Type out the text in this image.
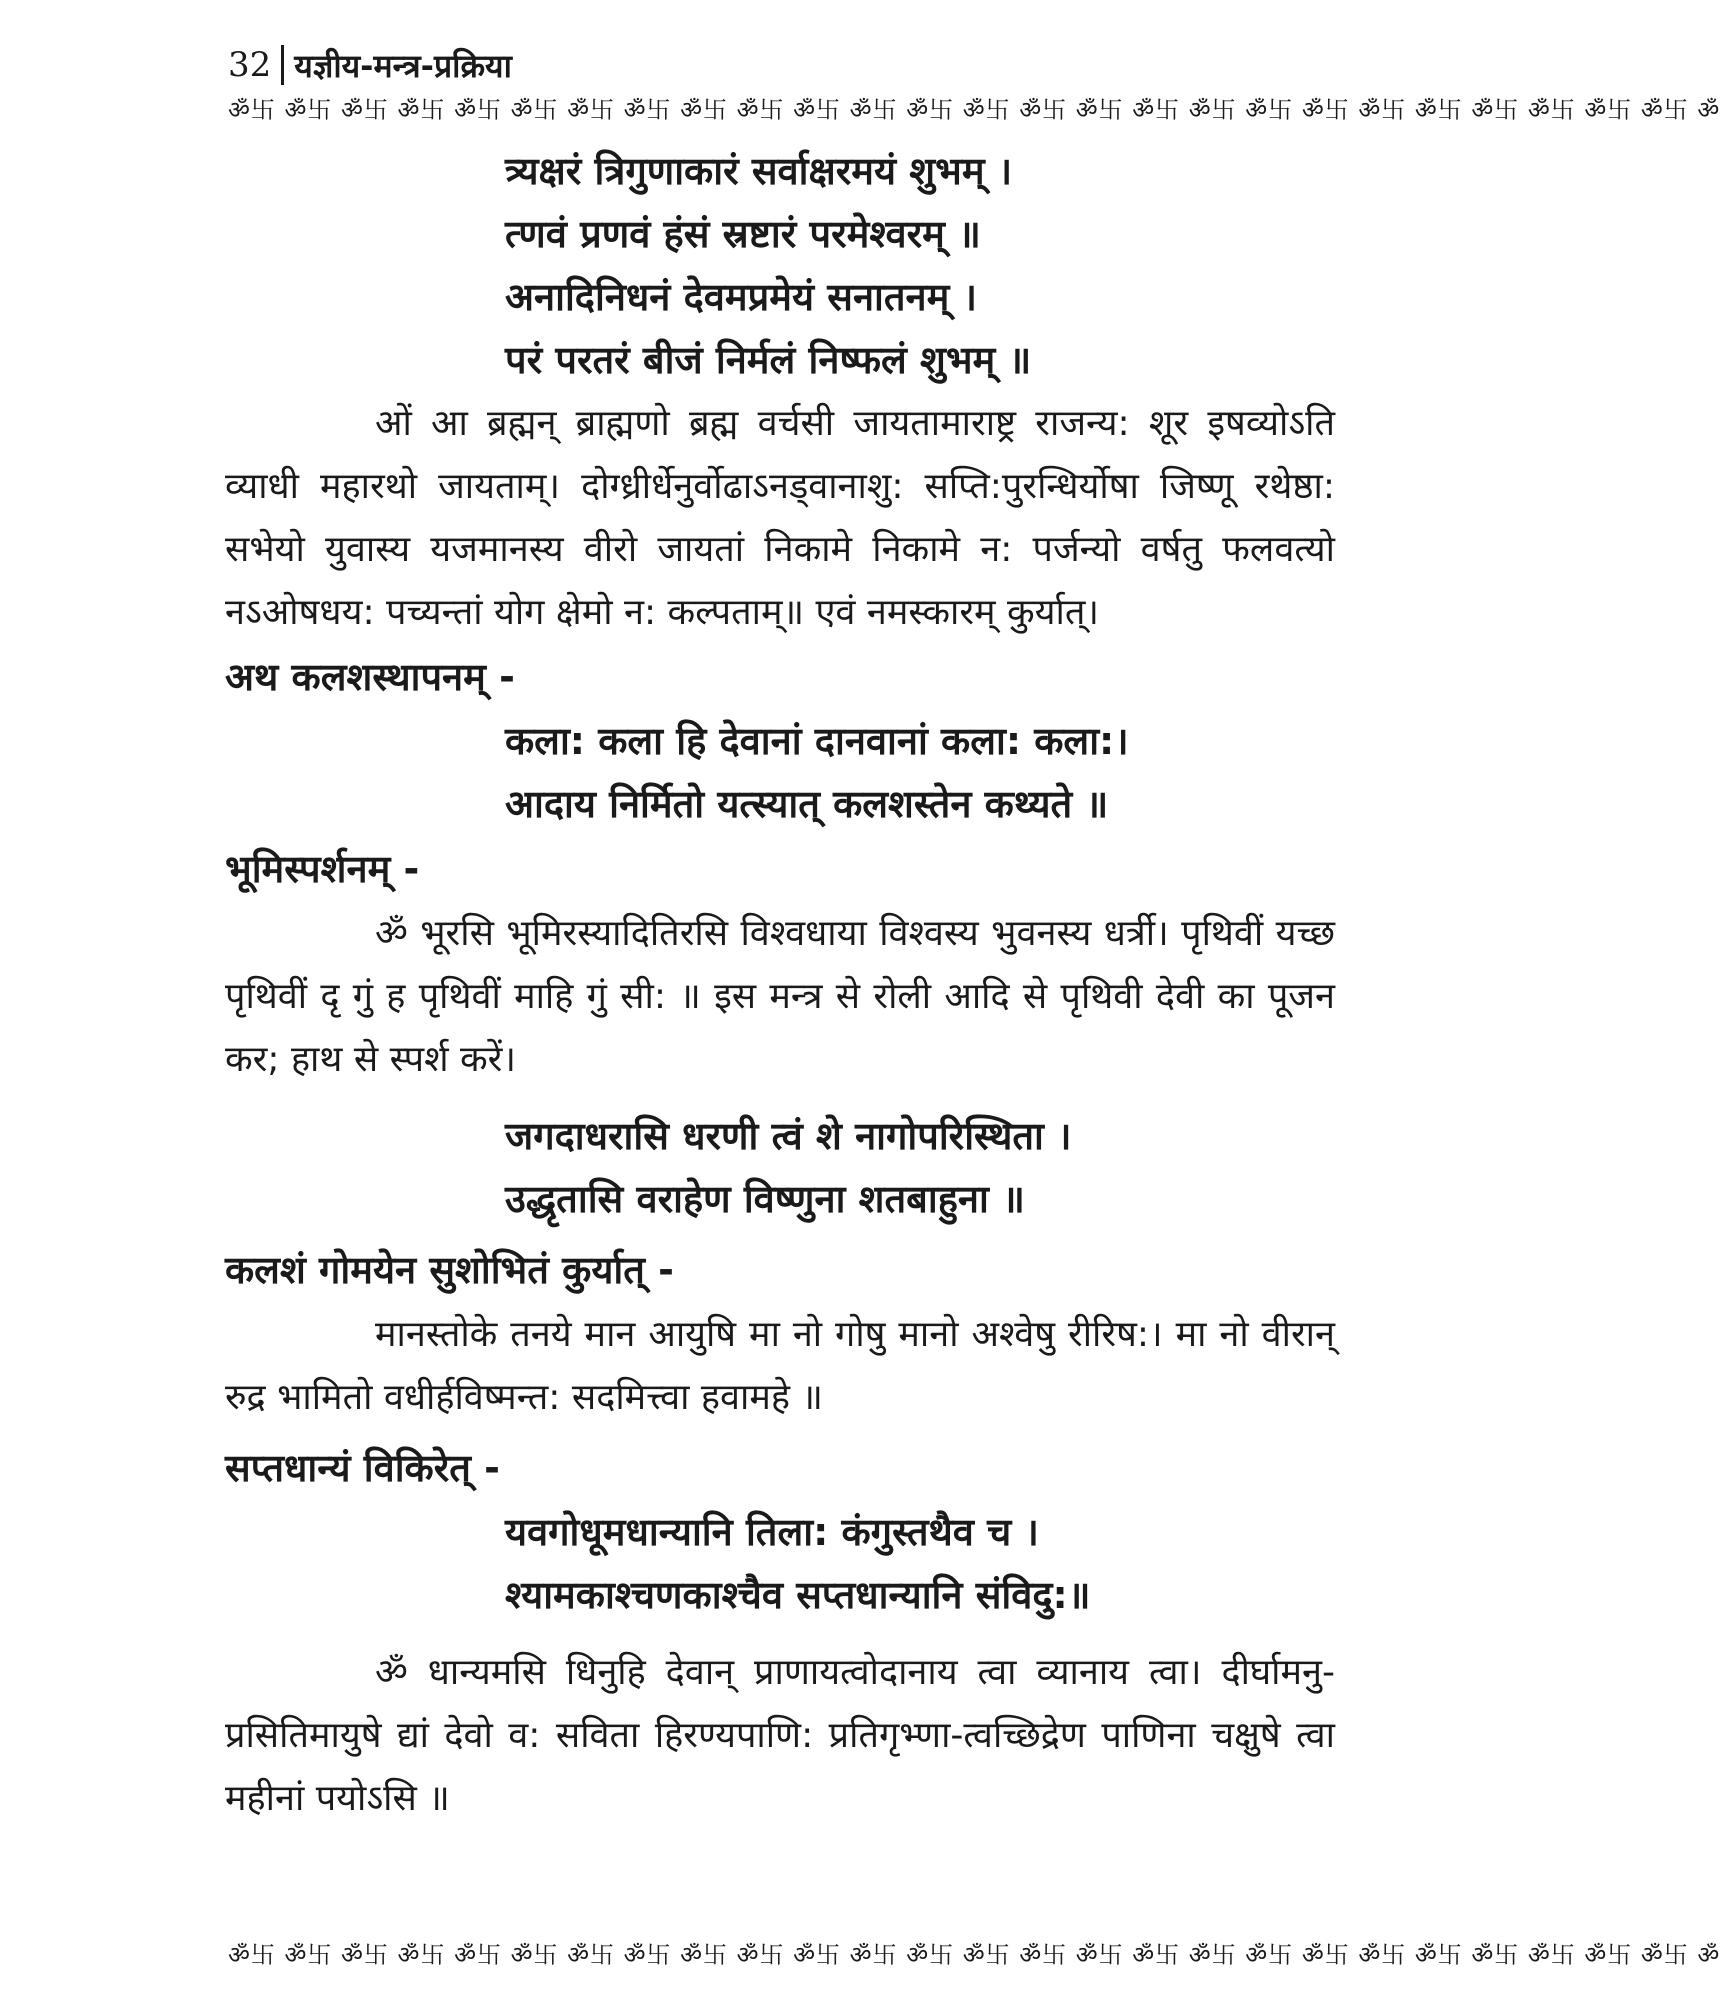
32 यज्ञीय-मन्त्र-प्रक्रिया
ॐ卐 ॐ卐 ॐ卐 ॐ卐 ॐ卐 ॐ卐 ॐ卐 ॐ卐 ॐ卐 ॐ卐 ॐ卐 ॐ卐 ॐ卐 ॐ卐 ॐ卐 ॐ卐 ॐ卐 ॐ卐 ॐ卐 ॐ卐 ॐ卐 ॐ卐 ॐ卐 ॐ卐 ॐ卐 ॐ卐 ॐ
त्र्यक्षरं त्रिगुणाकारं सर्वाक्षरमयं शुभम् ।
त्णवं प्रणवं हंसं स्रष्टारं परमेश्वरम् ॥
अनादिनिधनं देवमप्रमेयं सनातनम् ।
परं परतरं बीजं निर्मलं निष्फलं शुभम् ॥

ओं आ ब्रह्मन् ब्राह्मणो ब्रह्म वर्चसी जायतामाराष्ट्र राजन्य: शूर इषव्योऽति व्याधी महारथो जायताम्। दोग्ध्रीर्धेनुर्वोढाऽनड्वानाशु: सप्ति:पुरन्धिर्योषा जिष्णू रथेष्ठा: सभेयो युवास्य यजमानस्य वीरो जायतां निकामे निकामे न: पर्जन्यो वर्षतु फलवत्यो नऽओषधय: पच्यन्तां योग क्षेमो न: कल्पताम्॥ एवं नमस्कारम् कुर्यात्।

अथ कलशस्थापनम् -
कला: कला हि देवानां दानवानां कला: कला:।
आदाय निर्मितो यत्स्यात् कलशस्तेन कथ्यते ॥
भूमिस्पर्शनम् -

ॐ भूरसि भूमिरस्यादितिरसि विश्वधाया विश्वस्य भुवनस्य धर्त्री। पृथिवीं यच्छ पृथिवीं दृ गुं ह पृथिवीं माहि गुं सी: ॥ इस मन्त्र से रोली आदि से पृथिवी देवी का पूजन कर; हाथ से स्पर्श करें।

जगदाधरासि धरणी त्वं शे नागोपरिस्थिता ।
उद्धृतासि वराहेण विष्णुना शतबाहुना ॥
कलशं गोमयेन सुशोभितं कुर्यात् -

मानस्तोके तनये मान आयुषि मा नो गोषु मानो अश्वेषु रीरिष:। मा नो वीरान् रुद्र भामितो वधीर्हविष्मन्त: सदमित्त्वा हवामहे ॥

सप्तधान्यं विकिरेत् -
यवगोधूमधान्यानि तिला: कंगुस्तथैव च ।
श्यामकाश्चणकाश्चैव सप्तधान्यानि संविदु:॥

ॐ धान्यमसि धिनुहि देवान् प्राणायत्वोदानाय त्वा व्यानाय त्वा। दीर्घामनु-प्रसितिमायुषे द्यां देवो व: सविता हिरण्यपाणि: प्रतिगृभ्णा-त्वच्छिद्रेण पाणिना चक्षुषे त्वा महीनां पयोऽसि ॥

ॐ卐 ॐ卐 ॐ卐 ॐ卐 ॐ卐 ॐ卐 ॐ卐 ॐ卐 ॐ卐 ॐ卐 ॐ卐 ॐ卐 ॐ卐 ॐ卐 ॐ卐 ॐ卐 ॐ卐 ॐ卐 ॐ卐 ॐ卐 ॐ卐 ॐ卐 ॐ卐 ॐ卐 ॐ卐 ॐ卐 ॐ
